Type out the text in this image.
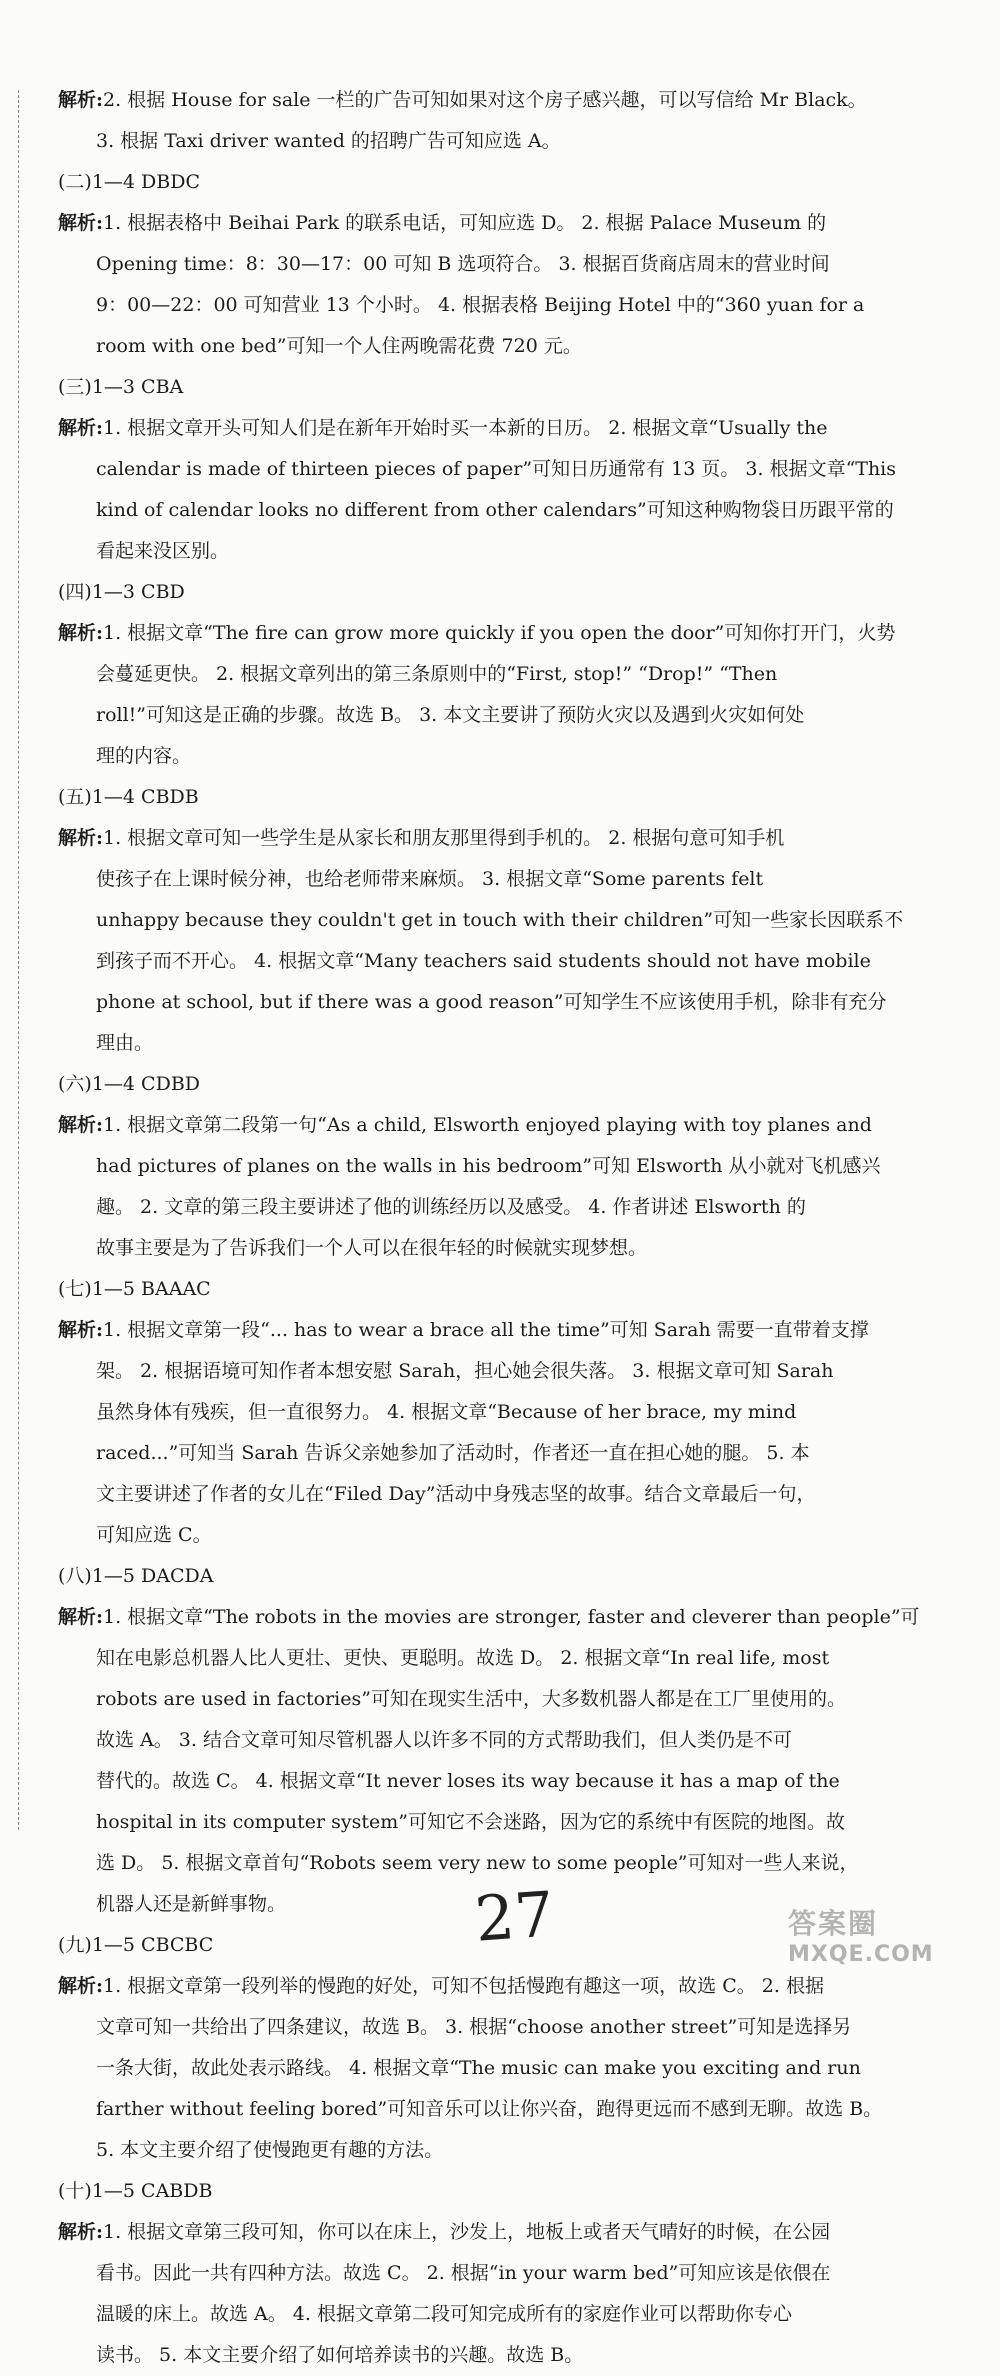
解析:2. 根据 House for sale 一栏的广告可知如果对这个房子感兴趣，可以写信给 Mr Black。

3. 根据 Taxi driver wanted 的招聘广告可知应选 A。

(二)1—4 DBDC

解析:1. 根据表格中 Beihai Park 的联系电话，可知应选 D。 2. 根据 Palace Museum 的

Opening time：8：30—17：00 可知 B 选项符合。 3. 根据百货商店周末的营业时间

9：00—22：00 可知营业 13 个小时。 4. 根据表格 Beijing Hotel 中的“360 yuan for a

room with one bed”可知一个人住两晚需花费 720 元。

(三)1—3 CBA

解析:1. 根据文章开头可知人们是在新年开始时买一本新的日历。 2. 根据文章“Usually the

calendar is made of thirteen pieces of paper”可知日历通常有 13 页。 3. 根据文章“This

kind of calendar looks no different from other calendars”可知这种购物袋日历跟平常的

看起来没区别。

(四)1—3 CBD

解析:1. 根据文章“The fire can grow more quickly if you open the door”可知你打开门，火势

会蔓延更快。 2. 根据文章列出的第三条原则中的“First, stop!” “Drop!” “Then

roll!”可知这是正确的步骤。故选 B。 3. 本文主要讲了预防火灾以及遇到火灾如何处

理的内容。

(五)1—4 CBDB

解析:1. 根据文章可知一些学生是从家长和朋友那里得到手机的。 2. 根据句意可知手机

使孩子在上课时候分神，也给老师带来麻烦。 3. 根据文章“Some parents felt

unhappy because they couldn't get in touch with their children”可知一些家长因联系不

到孩子而不开心。 4. 根据文章“Many teachers said students should not have mobile

phone at school, but if there was a good reason”可知学生不应该使用手机，除非有充分

理由。

(六)1—4 CDBD

解析:1. 根据文章第二段第一句“As a child, Elsworth enjoyed playing with toy planes and

had pictures of planes on the walls in his bedroom”可知 Elsworth 从小就对飞机感兴

趣。 2. 文章的第三段主要讲述了他的训练经历以及感受。 4. 作者讲述 Elsworth 的

故事主要是为了告诉我们一个人可以在很年轻的时候就实现梦想。

(七)1—5 BAAAC

解析:1. 根据文章第一段“... has to wear a brace all the time”可知 Sarah 需要一直带着支撑

架。 2. 根据语境可知作者本想安慰 Sarah，担心她会很失落。 3. 根据文章可知 Sarah

虽然身体有残疾，但一直很努力。 4. 根据文章“Because of her brace, my mind

raced...”可知当 Sarah 告诉父亲她参加了活动时，作者还一直在担心她的腿。 5. 本

文主要讲述了作者的女儿在“Filed Day”活动中身残志坚的故事。结合文章最后一句，

可知应选 C。

(八)1—5 DACDA

解析:1. 根据文章“The robots in the movies are stronger, faster and cleverer than people”可

知在电影总机器人比人更壮、更快、更聪明。故选 D。 2. 根据文章“In real life, most

robots are used in factories”可知在现实生活中，大多数机器人都是在工厂里使用的。

故选 A。 3. 结合文章可知尽管机器人以许多不同的方式帮助我们，但人类仍是不可

替代的。故选 C。 4. 根据文章“It never loses its way because it has a map of the

hospital in its computer system”可知它不会迷路，因为它的系统中有医院的地图。故

选 D。 5. 根据文章首句“Robots seem very new to some people”可知对一些人来说，

机器人还是新鲜事物。

(九)1—5 CBCBC

解析:1. 根据文章第一段列举的慢跑的好处，可知不包括慢跑有趣这一项，故选 C。 2. 根据

文章可知一共给出了四条建议，故选 B。 3. 根据“choose another street”可知是选择另

一条大街，故此处表示路线。 4. 根据文章“The music can make you exciting and run

farther without feeling bored”可知音乐可以让你兴奋，跑得更远而不感到无聊。故选 B。

5. 本文主要介绍了使慢跑更有趣的方法。

(十)1—5 CABDB

解析:1. 根据文章第三段可知，你可以在床上，沙发上，地板上或者天气晴好的时候，在公园

看书。因此一共有四种方法。故选 C。 2. 根据“in your warm bed”可知应该是依偎在

温暖的床上。故选 A。 4. 根据文章第二段可知完成所有的家庭作业可以帮助你专心

读书。 5. 本文主要介绍了如何培养读书的兴趣。故选 B。

27	答案圈
MXQE.COM
